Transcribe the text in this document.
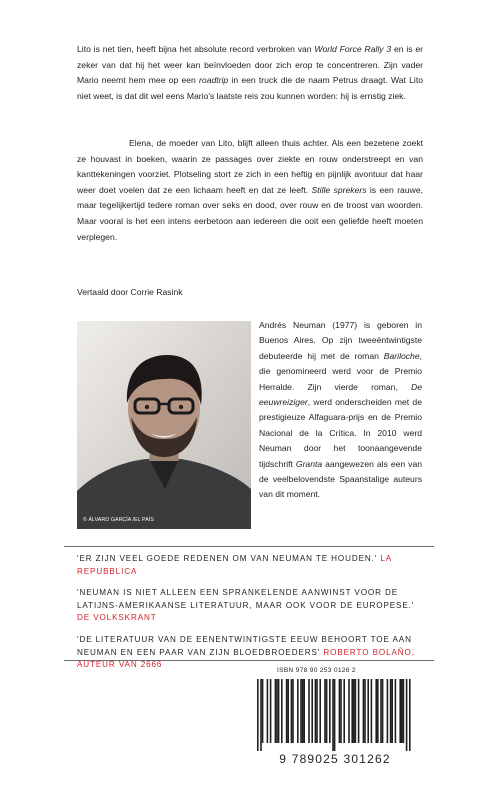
Lito is net tien, heeft bijna het absolute record verbroken van World Force Rally 3 en is er zeker van dat hij het weer kan beïnvloeden door zich erop te concentreren. Zijn vader Mario neemt hem mee op een roadtrip in een truck die de naam Petrus draagt. Wat Lito niet weet, is dat dit wel eens Mario's laatste reis zou kunnen worden: hij is ernstig ziek.

Elena, de moeder van Lito, blijft alleen thuis achter. Als een bezetene zoekt ze houvast in boeken, waarin ze passages over ziekte en rouw onderstreept en van kanttekeningen voorziet. Plotseling stort ze zich in een heftig en pijnlijk avontuur dat haar weer doet voelen dat ze een lichaam heeft en dat ze leeft. Stille sprekers is een rauwe, maar tegelijkertijd tedere roman over seks en dood, over rouw en de troost van woorden. Maar vooral is het een intens eerbetoon aan iedereen die ooit een geliefde heeft moeten verplegen.

Vertaald door Corrie Rasink

© ÁLVARO GARCÍA /EL PAÍS

Andrés Neuman (1977) is geboren in Buenos Aires. Op zijn tweeëntwintigste debuteerde hij met de roman Bariloche, die genomineerd werd voor de Premio Herralde. Zijn vierde roman, De eeuwreiziger, werd onderscheiden met de prestigieuze Alfaguara-prijs en de Premio Nacional de la Crítica. In 2010 werd Neuman door het toonaangevende tijdschrift Granta aangewezen als een van de veelbelovendste Spaanstalige auteurs van dit moment.

'ER ZIJN VEEL GOEDE REDENEN OM VAN NEUMAN TE HOUDEN.' LA REPUBBLICA

'NEUMAN IS NIET ALLEEN EEN SPRANKELENDE AANWINST VOOR DE LATIJNS-AMERIKAANSE LITERATUUR, MAAR OOK VOOR DE EUROPESE.' DE VOLKSKRANT

'DE LITERATUUR VAN DE EENENTWINTIGSTE EEUW BEHOORT TOE AAN NEUMAN EN EEN PAAR VAN ZIJN BLOEDBROEDERS' ROBERTO BOLAÑO, AUTEUR VAN 2666

ISBN 978 90 253 0126 2
9 789025 301262
